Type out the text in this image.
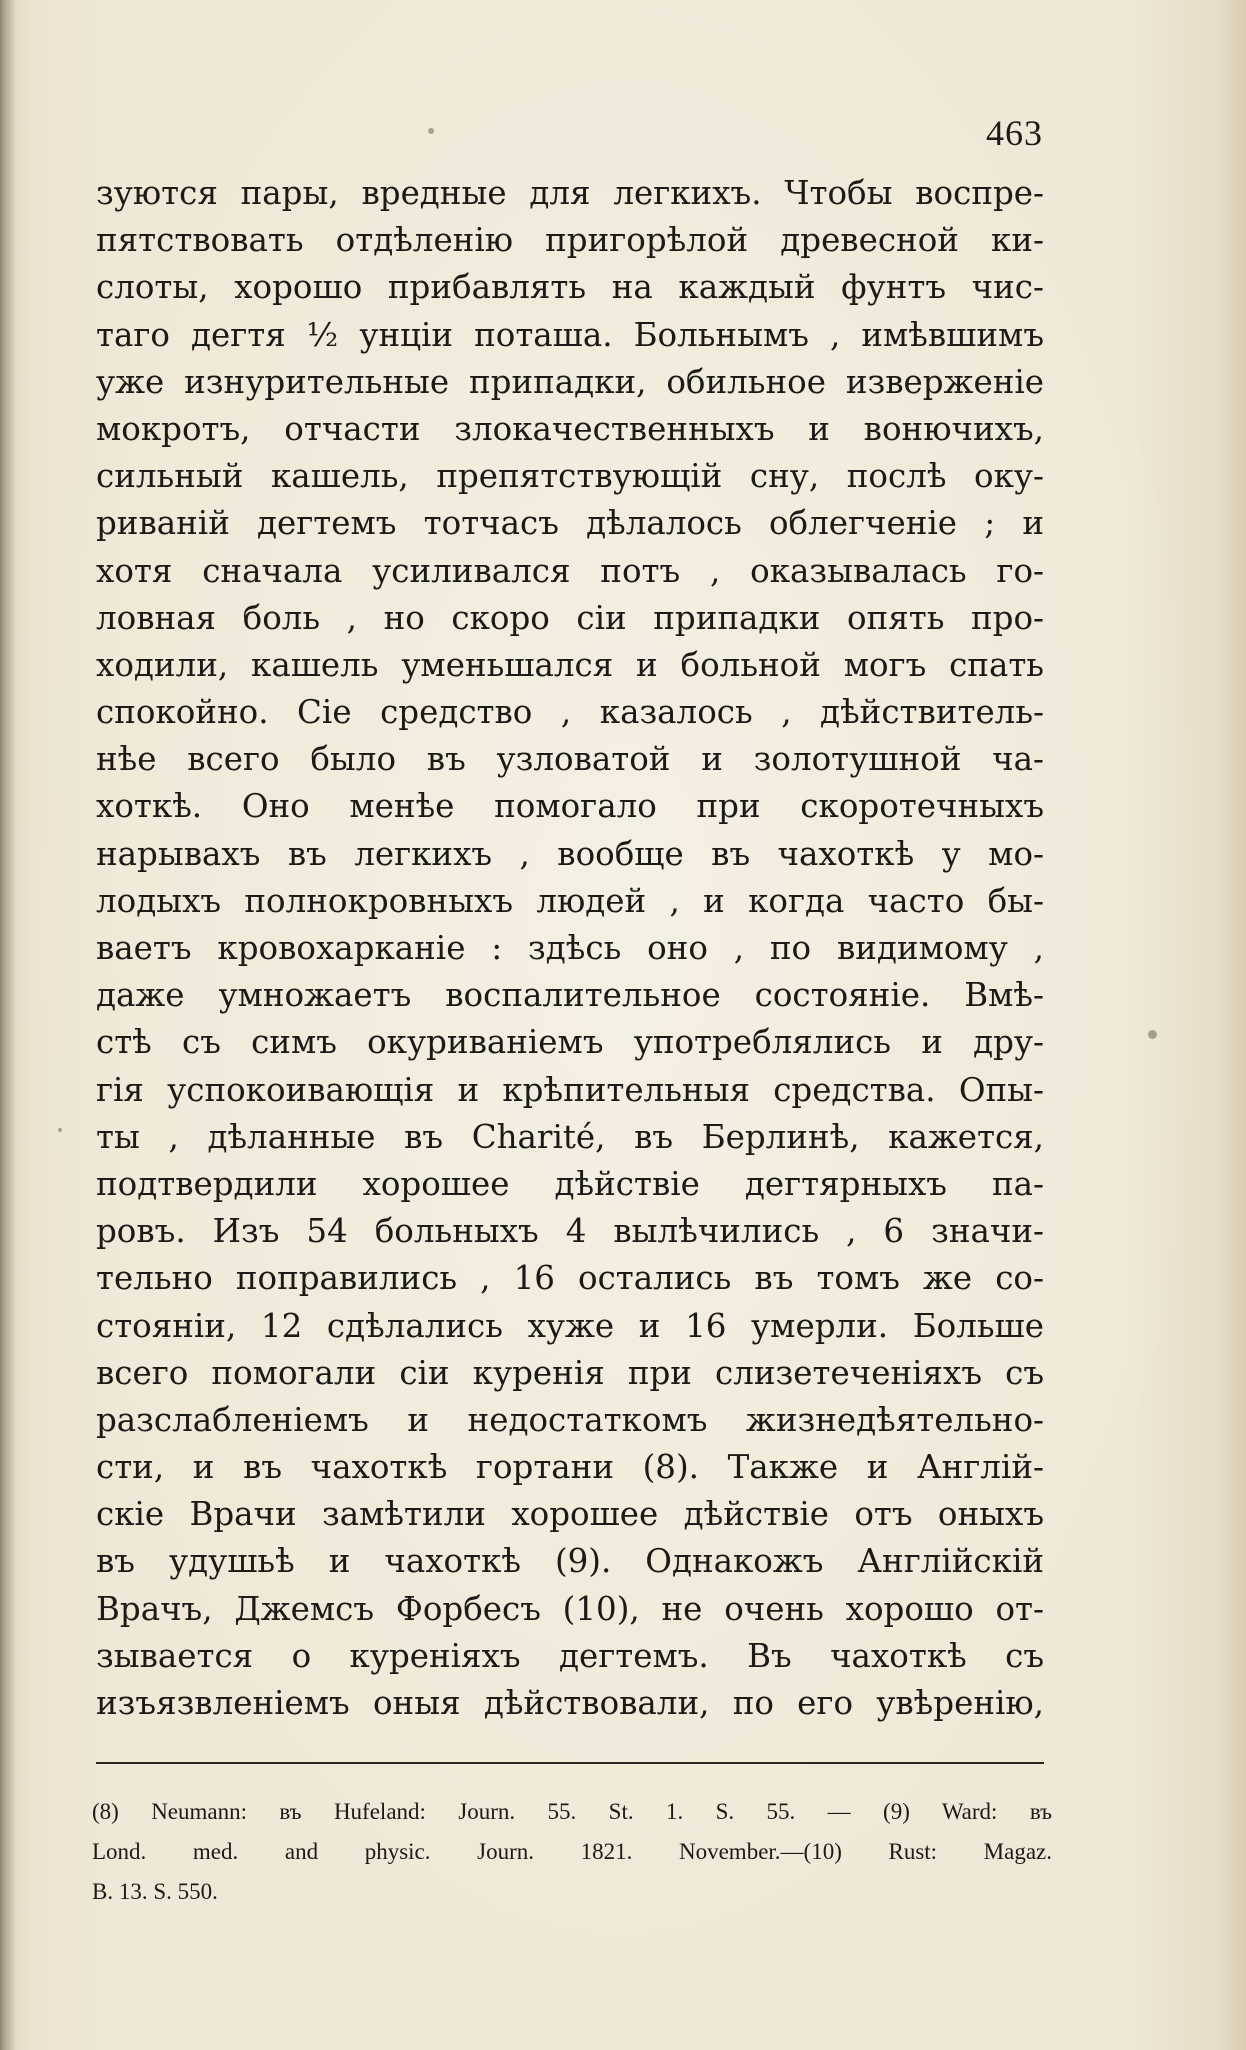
463
зуются пары, вредные для легкихъ. Чтобы воспре-
пятствовать отдѣленію пригорѣлой древесной ки-
слоты, хорошо прибавлять на каждый фунтъ чис-
таго дегтя ½ унціи поташа. Больнымъ , имѣвшимъ
уже изнурительные припадки, обильное изверженіе
мокротъ, отчасти злокачественныхъ и вонючихъ,
сильный кашель, препятствующій сну, послѣ оку-
риваній дегтемъ тотчасъ дѣлалось облегченіе ; и
хотя сначала усиливался потъ , оказывалась го-
ловная боль , но скоро сіи припадки опять про-
ходили, кашель уменьшался и больной могъ спать
спокойно. Сіе средство , казалось , дѣйствитель-
нѣе всего было въ узловатой и золотушной ча-
хоткѣ. Оно менѣе помогало при скоротечныхъ
нарывахъ въ легкихъ , вообще въ чахоткѣ у мо-
лодыхъ полнокровныхъ людей , и когда часто бы-
ваетъ кровохарканіе : здѣсь оно , по видимому ,
даже умножаетъ воспалительное состояніе. Вмѣ-
стѣ съ симъ окуриваніемъ употреблялись и дру-
гія успокоивающія и крѣпительныя средства. Опы-
ты , дѣланные въ Charité, въ Берлинѣ, кажется,
подтвердили хорошее дѣйствіе дегтярныхъ па-
ровъ. Изъ 54 больныхъ 4 вылѣчились , 6 значи-
тельно поправились , 16 остались въ томъ же со-
стояніи, 12 сдѣлались хуже и 16 умерли. Больше
всего помогали сіи куренія при слизетеченіяхъ съ
разслабленіемъ и недостаткомъ жизнедѣятельно-
сти, и въ чахоткѣ гортани (8). Также и Англій-
скіе Врачи замѣтили хорошее дѣйствіе отъ оныхъ
въ удушьѣ и чахоткѣ (9). Однакожъ Англійскій
Врачъ, Джемсъ Форбесъ (10), не очень хорошо от-
зывается о куреніяхъ дегтемъ. Въ чахоткѣ съ
изъязвленіемъ оныя дѣйствовали, по его увѣренію,
(8) Neumann: въ Hufeland: Journ. 55. St. 1. S. 55. — (9) Ward: въ
Lond. med. and physic. Journ. 1821. November.—(10) Rust: Magaz.
B. 13. S. 550.
